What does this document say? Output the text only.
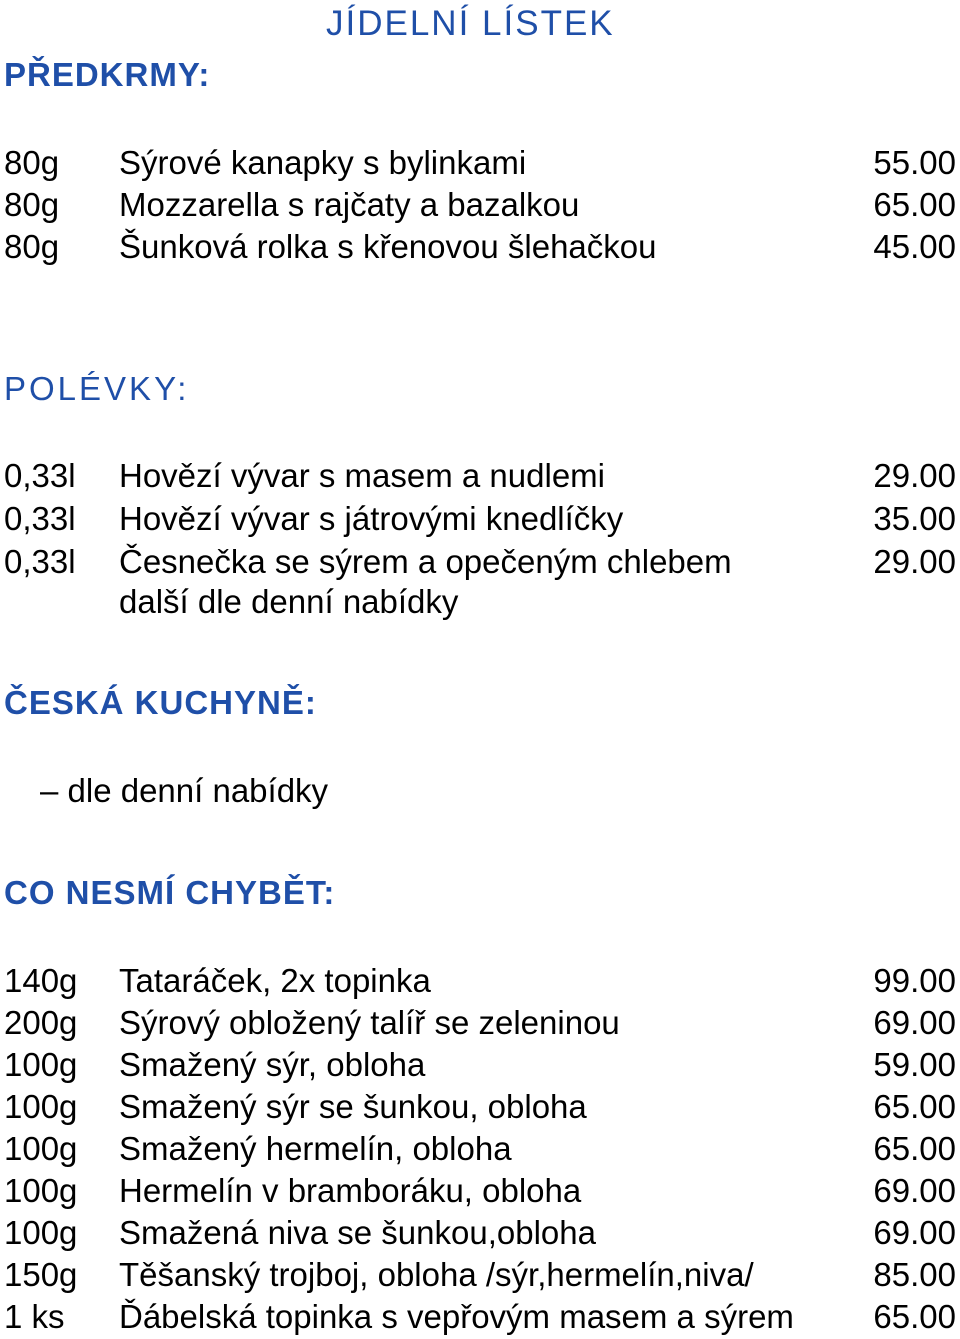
JÍDELNÍ LÍSTEK
PŘEDKRMY:
80g Sýrové kanapky s bylinkami	55.00
80g Mozzarella s rajčaty a bazalkou	65.00
80g Šunková rolka s křenovou šlehačkou	45.00
POLÉVKY:
0,33l Hovězí vývar s masem a nudlemi	29.00
0,33l Hovězí vývar s játrovými knedlíčky	35.00
0,33l Česnečka se sýrem a opečeným chlebem	29.00
další dle denní nabídky
ČESKÁ KUCHYNĚ:
– dle denní nabídky
CO NESMÍ CHYBĚT:
140g Tataráček, 2x topinka	99.00
200g Sýrový obložený talíř se zeleninou	69.00
100g Smažený sýr, obloha	59.00
100g Smažený sýr se šunkou, obloha	65.00
100g Smažený hermelín, obloha	65.00
100g Hermelín v bramboráku, obloha	69.00
100g Smažená niva se šunkou,obloha	69.00
150g Těšanský trojboj, obloha /sýr,hermelín,niva/	85.00
1 ks Ďábelská topinka s vepřovým masem a sýrem 65.00
